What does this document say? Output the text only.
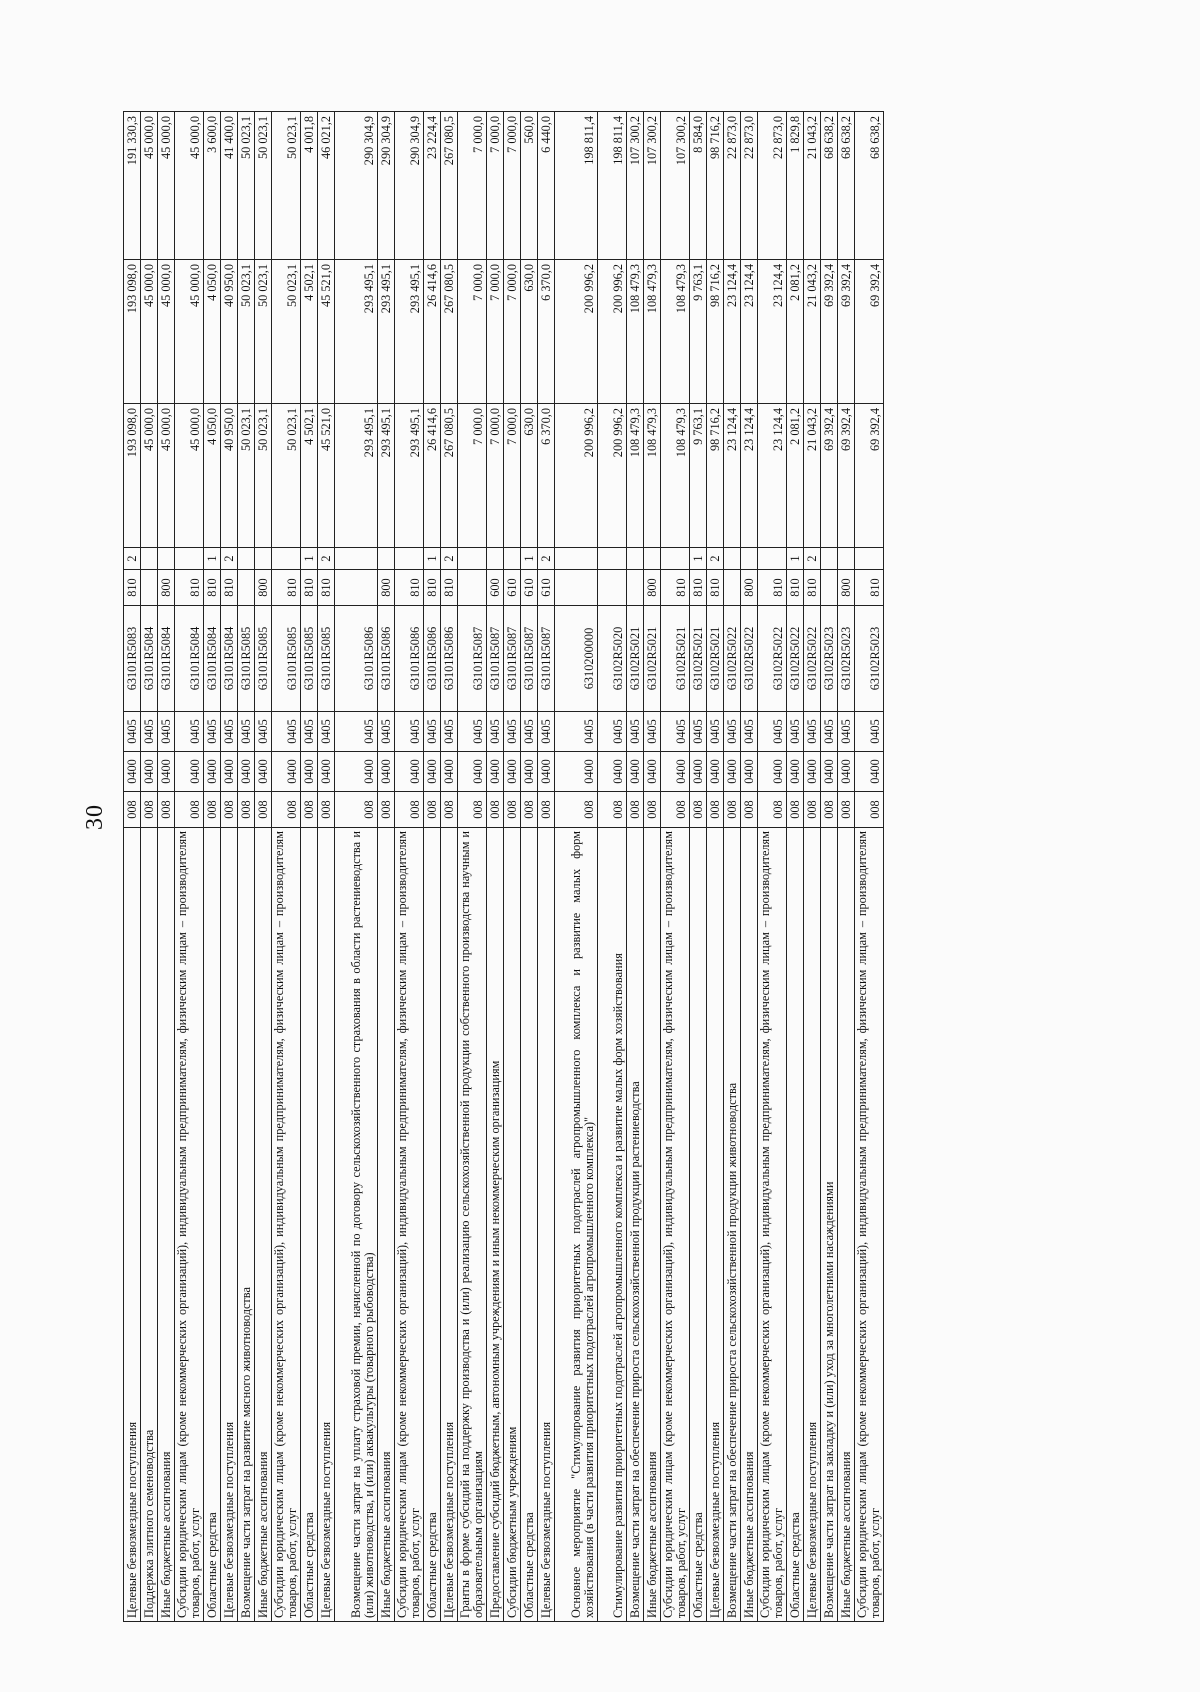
30
Целевые безвозмездные поступления	008	0400	0405	63101R5083	810	2	193 098,0	193 098,0	191 330,3
Поддержка элитного семеноводства	008	0400	0405	63101R5084			45 000,0	45 000,0	45 000,0
Иные бюджетные ассигнования	008	0400	0405	63101R5084	800		45 000,0	45 000,0	45 000,0
Субсидии юридическим лицам (кроме некоммерческих организаций), индивидуальным предпринимателям, физическим лицам – производителям товаров, работ, услуг	008	0400	0405	63101R5084	810		45 000,0	45 000,0	45 000,0
Областные средства	008	0400	0405	63101R5084	810	1	4 050,0	4 050,0	3 600,0
Целевые безвозмездные поступления	008	0400	0405	63101R5084	810	2	40 950,0	40 950,0	41 400,0
Возмещение части затрат на развитие мясного животноводства	008	0400	0405	63101R5085			50 023,1	50 023,1	50 023,1
Иные бюджетные ассигнования	008	0400	0405	63101R5085	800		50 023,1	50 023,1	50 023,1
Субсидии юридическим лицам (кроме некоммерческих организаций), индивидуальным предпринимателям, физическим лицам – производителям товаров, работ, услуг	008	0400	0405	63101R5085	810		50 023,1	50 023,1	50 023,1
Областные средства	008	0400	0405	63101R5085	810	1	4 502,1	4 502,1	4 001,8
Целевые безвозмездные поступления	008	0400	0405	63101R5085	810	2	45 521,0	45 521,0	46 021,2
Возмещение части затрат на уплату страховой премии, начисленной по договору сельскохозяйственного страхования в области растениеводства и (или) животноводства, и (или) аквакультуры (товарного рыбоводства)	008	0400	0405	63101R5086			293 495,1	293 495,1	290 304,9
Иные бюджетные ассигнования	008	0400	0405	63101R5086	800		293 495,1	293 495,1	290 304,9
Субсидии юридическим лицам (кроме некоммерческих организаций), индивидуальным предпринимателям, физическим лицам – производителям товаров, работ, услуг	008	0400	0405	63101R5086	810		293 495,1	293 495,1	290 304,9
Областные средства	008	0400	0405	63101R5086	810	1	26 414,6	26 414,6	23 224,4
Целевые безвозмездные поступления	008	0400	0405	63101R5086	810	2	267 080,5	267 080,5	267 080,5
Гранты в форме субсидий на поддержку производства и (или) реализацию сельскохозяйственной продукции собственного производства научным и образовательным организациям	008	0400	0405	63101R5087			7 000,0	7 000,0	7 000,0
Предоставление субсидий бюджетным, автономным учреждениям и иным некоммерческим организациям	008	0400	0405	63101R5087	600		7 000,0	7 000,0	7 000,0
Субсидии бюджетным учреждениям	008	0400	0405	63101R5087	610		7 000,0	7 000,0	7 000,0
Областные средства	008	0400	0405	63101R5087	610	1	630,0	630,0	560,0
Целевые безвозмездные поступления	008	0400	0405	63101R5087	610	2	6 370,0	6 370,0	6 440,0
Основное мероприятие "Стимулирование развития приоритетных подотраслей агропромышленного комплекса и развитие малых форм хозяйствования (в части развития приоритетных подотраслей агропромышленного комплекса)"	008	0400	0405	6310200000			200 996,2	200 996,2	198 811,4
Стимулирование развития приоритетных подотраслей агропромышленного комплекса и развитие малых форм хозяйствования	008	0400	0405	63102R5020			200 996,2	200 996,2	198 811,4
Возмещение части затрат на обеспечение прироста сельскохозяйственной продукции растениеводства	008	0400	0405	63102R5021			108 479,3	108 479,3	107 300,2
Иные бюджетные ассигнования	008	0400	0405	63102R5021	800		108 479,3	108 479,3	107 300,2
Субсидии юридическим лицам (кроме некоммерческих организаций), индивидуальным предпринимателям, физическим лицам – производителям товаров, работ, услуг	008	0400	0405	63102R5021	810		108 479,3	108 479,3	107 300,2
Областные средства	008	0400	0405	63102R5021	810	1	9 763,1	9 763,1	8 584,0
Целевые безвозмездные поступления	008	0400	0405	63102R5021	810	2	98 716,2	98 716,2	98 716,2
Возмещение части затрат на обеспечение прироста сельскохозяйственной продукции животноводства	008	0400	0405	63102R5022			23 124,4	23 124,4	22 873,0
Иные бюджетные ассигнования	008	0400	0405	63102R5022	800		23 124,4	23 124,4	22 873,0
Субсидии юридическим лицам (кроме некоммерческих организаций), индивидуальным предпринимателям, физическим лицам – производителям товаров, работ, услуг	008	0400	0405	63102R5022	810		23 124,4	23 124,4	22 873,0
Областные средства	008	0400	0405	63102R5022	810	1	2 081,2	2 081,2	1 829,8
Целевые безвозмездные поступления	008	0400	0405	63102R5022	810	2	21 043,2	21 043,2	21 043,2
Возмещение части затрат на закладку и (или) уход за многолетними насаждениями	008	0400	0405	63102R5023			69 392,4	69 392,4	68 638,2
Иные бюджетные ассигнования	008	0400	0405	63102R5023	800		69 392,4	69 392,4	68 638,2
Субсидии юридическим лицам (кроме некоммерческих организаций), индивидуальным предпринимателям, физическим лицам – производителям товаров, работ, услуг	008	0400	0405	63102R5023	810		69 392,4	69 392,4	68 638,2
